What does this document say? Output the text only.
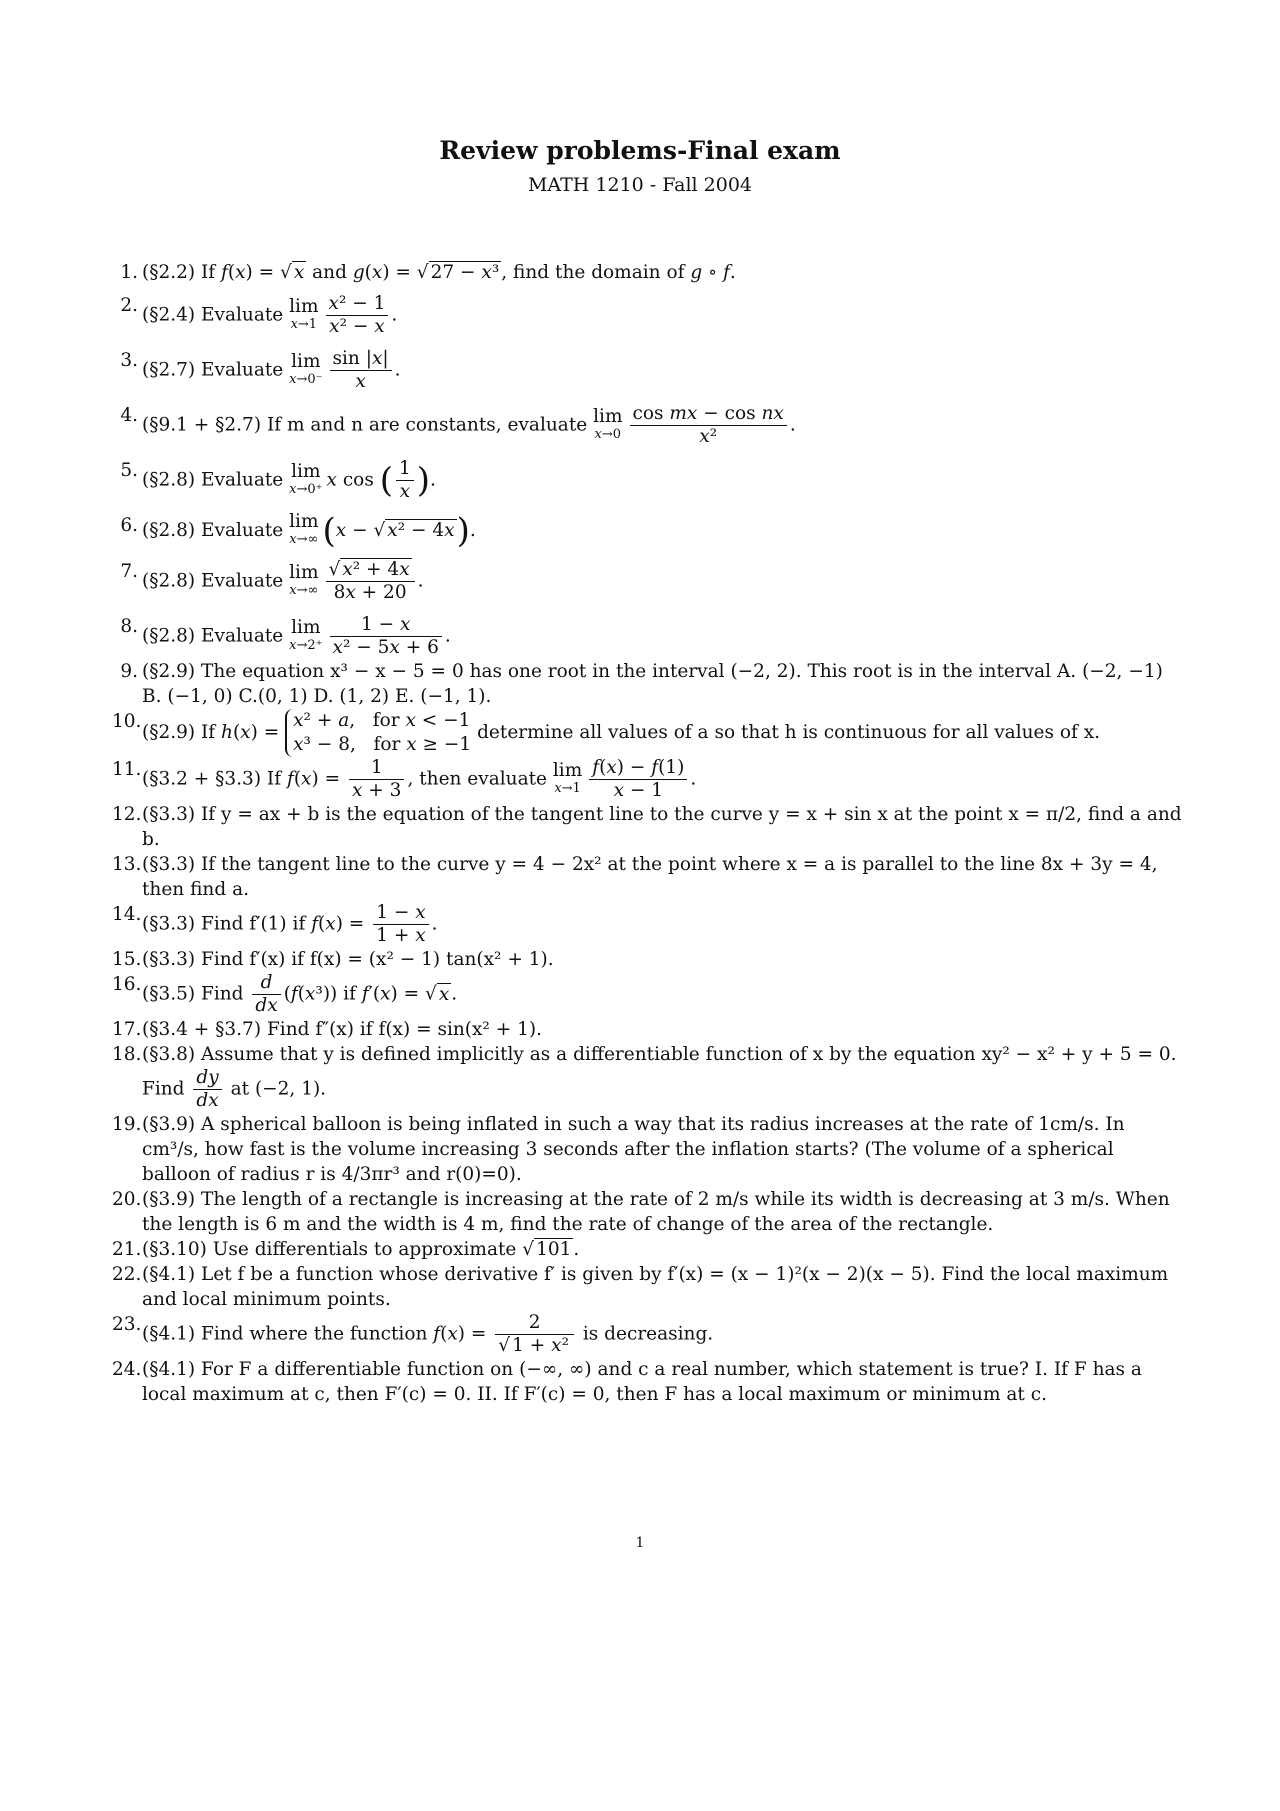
Review problems-Final exam
MATH 1210 - Fall 2004
1. (§2.2) If f(x) = √ x and g(x) = √ 27 − x³ , find the domain of g ∘ f.
2. (§2.4) Evaluate lim
$x\to 1 \frac{\text{x² − 1}}{\text{x² − x}}$ .
3. (§2.7) Evaluate lim
$x\to 0^- \frac{\sin |x|}{x}$ .
4. (§9.1 + §2.7) If m and n are constants, evaluate lim
$x\to 0 \frac{\text{cos mx − cos nx}}{\text{x²}}$ .
5. (§2.8) Evaluate lim
x→0⁺ x cos ( $\frac{1}{x}$ ).
6. (§2.8) Evaluate lim
x→∞ (x − √ x² − 4x).
7. (§2.8) Evaluate lim
$x\to\infty \frac{\text{√ x² + 4x}}{8x + 20}$ .
8. (§2.8) Evaluate lim
$x\to 2^+ \frac{1 - x}{\text{x² − 5x + 6}}$ .
9. (§2.9) The equation x³ − x − 5 = 0 has one root in the interval (−2, 2). This root is in the interval A. (−2, −1) B. (−1, 0) C.(0, 1) D. (1, 2) E. (−1, 1).
10.
(§2.9) If h(x) =
x² + a,   for x < −1
x³ − 8,   for x ≥ −1
determine all values of a so that h is continuous for all values of x.
11. (§3.2 + §3.3) If $f(x) = \frac{1}{x + 3}$ , then evaluate lim
$x\to 1 \frac{f(x) - f(1)}{x - 1}$ .
12. (§3.3) If y = ax + b is the equation of the tangent line to the curve y = x + sin x at the point x = π/2, find a and b.
13. (§3.3) If the tangent line to the curve y = 4 − 2x² at the point where x = a is parallel to the line 8x + 3y = 4, then find a.
14. (§3.3) Find f′(1) if $f(x) = \frac{1 - x}{1 + x}$ .
15. (§3.3) Find f′(x) if f(x) = (x² − 1) tan(x² + 1).
16. (§3.5) Find $\frac{d}{dx} (f(x^3))$ if f′(x) = √ x .
17. (§3.4 + §3.7) Find f″(x) if f(x) = sin(x² + 1).
18. (§3.8) Assume that y is defined implicitly as a differentiable function of x by the equation xy² − x² + y + 5 = 0. Find $\frac{dy}{dx}$ at (−2, 1).
19. (§3.9) A spherical balloon is being inflated in such a way that its radius increases at the rate of 1cm/s. In cm³/s, how fast is the volume increasing 3 seconds after the inflation starts? (The volume of a spherical balloon of radius r is 4/3πr³ and r(0)=0).
20. (§3.9) The length of a rectangle is increasing at the rate of 2 m/s while its width is decreasing at 3 m/s. When the length is 6 m and the width is 4 m, find the rate of change of the area of the rectangle.
21. (§3.10) Use differentials to approximate √ 101 .
22. (§4.1) Let f be a function whose derivative f′ is given by f′(x) = (x − 1)²(x − 2)(x − 5). Find the local maximum and local minimum points.
23. (§4.1) Find where the function $f(x) = \frac{2}{\text{√ 1 + x²}}$ is decreasing.
24. (§4.1) For F a differentiable function on (−∞, ∞) and c a real number, which statement is true? I. If F has a local maximum at c, then F′(c) = 0. II. If F′(c) = 0, then F has a local maximum or minimum at c.
1
